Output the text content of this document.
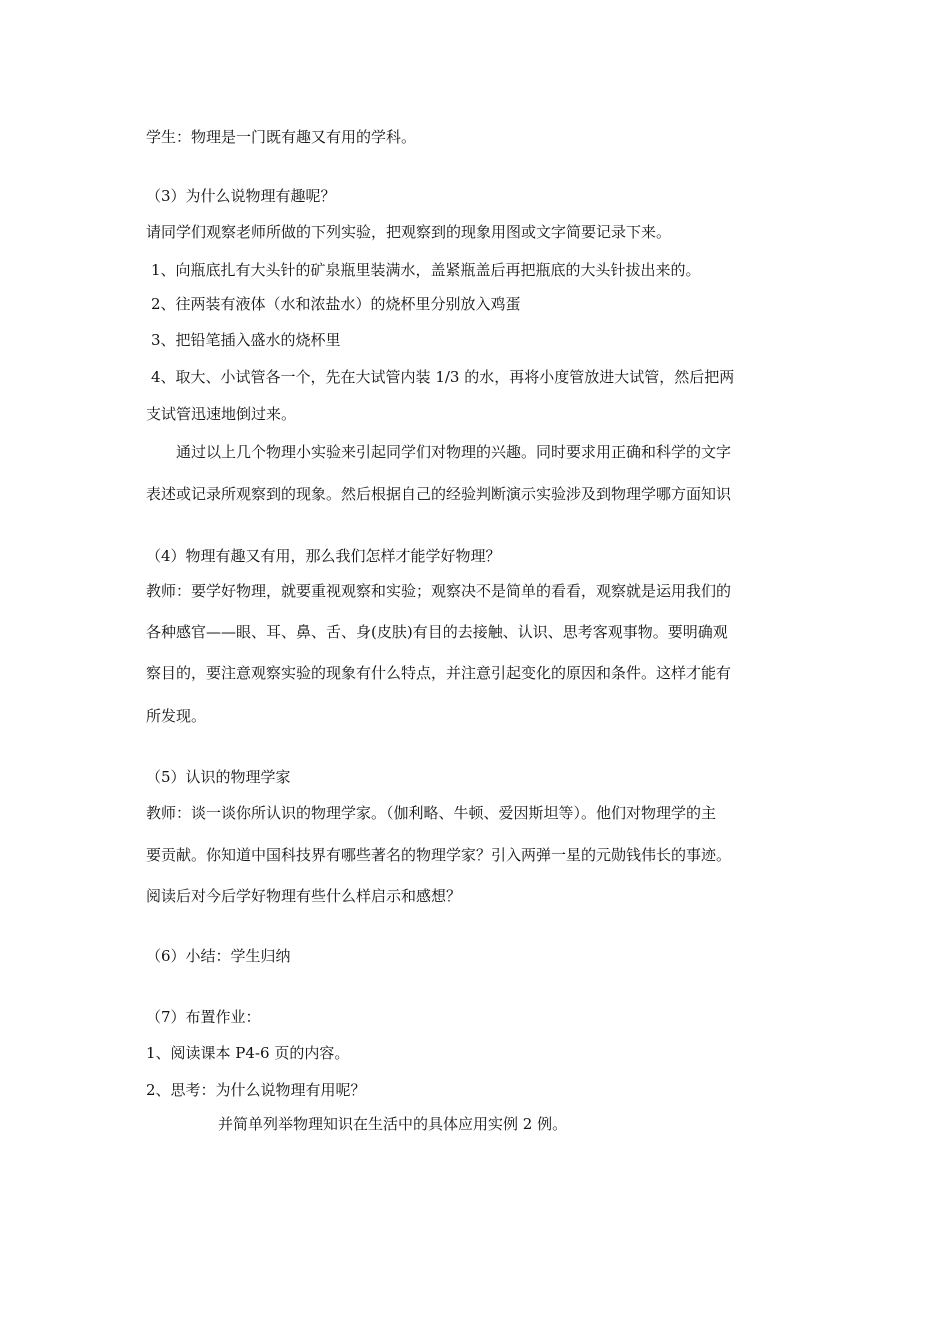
学生：物理是一门既有趣又有用的学科。
（3）为什么说物理有趣呢？
请同学们观察老师所做的下列实验，把观察到的现象用图或文字简要记录下来。
1、向瓶底扎有大头针的矿泉瓶里装满水，盖紧瓶盖后再把瓶底的大头针拔出来的。
2、往两装有液体（水和浓盐水）的烧杯里分别放入鸡蛋
3、把铅笔插入盛水的烧杯里
4、取大、小试管各一个，先在大试管内装 1/3 的水，再将小度管放进大试管，然后把两
支试管迅速地倒过来。
通过以上几个物理小实验来引起同学们对物理的兴趣。同时要求用正确和科学的文字
表述或记录所观察到的现象。然后根据自己的经验判断演示实验涉及到物理学哪方面知识
（4）物理有趣又有用，那么我们怎样才能学好物理？
教师：要学好物理，就要重视观察和实验；观察决不是简单的看看，观察就是运用我们的
各种感官——眼、耳、鼻、舌、身(皮肤)有目的去接触、认识、思考客观事物。要明确观
察目的，要注意观察实验的现象有什么特点，并注意引起变化的原因和条件。这样才能有
所发现。
（5）认识的物理学家
教师：谈一谈你所认识的物理学家。（伽利略、牛顿、爱因斯坦等）。他们对物理学的主
要贡献。你知道中国科技界有哪些著名的物理学家？引入两弹一星的元勋钱伟长的事迹。
阅读后对今后学好物理有些什么样启示和感想？
（6）小结：学生归纳
（7）布置作业：
1、阅读课本 P4-6 页的内容。
2、思考：为什么说物理有用呢？
并简单列举物理知识在生活中的具体应用实例 2 例。
